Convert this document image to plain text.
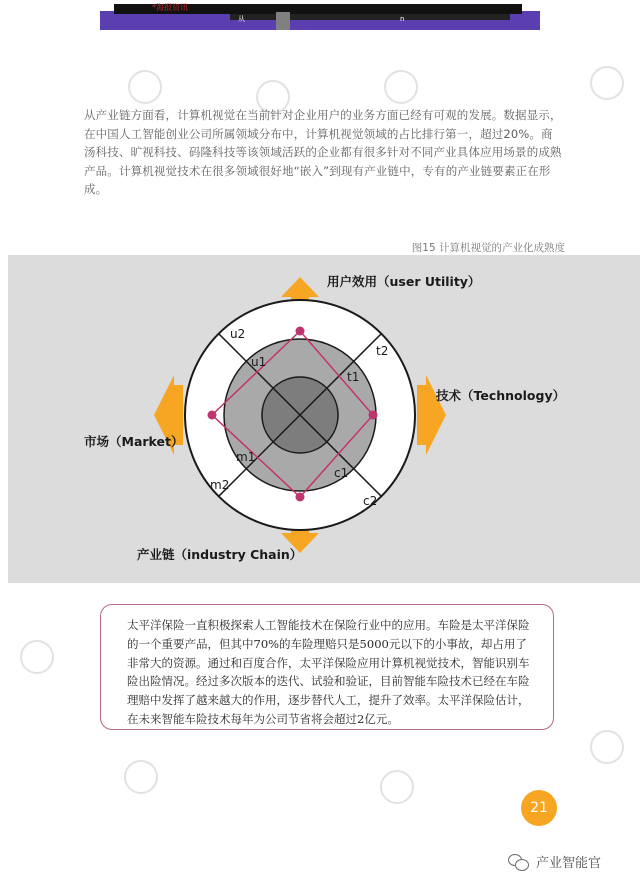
*海报资讯
从	n

从产业链方面看，计算机视觉在当前针对企业用户的业务方面已经有可观的发展。数据显示，在中国人工智能创业公司所属领域分布中，计算机视觉领域的占比排行第一，超过20%。商汤科技、旷视科技、码隆科技等该领域活跃的企业都有很多针对不同产业具体应用场景的成熟产品。计算机视觉技术在很多领域很好地“嵌入”到现有产业链中，专有的产业链要素正在形成。

图15 计算机视觉的产业化成熟度
用户效用（user Utility）
技术（Technology）
市场（Market）
产业链（industry Chain）
u2
u1
t2
t1
m1
m2
c1
c2

太平洋保险一直积极探索人工智能技术在保险行业中的应用。车险是太平洋保险的一个重要产品，但其中70%的车险理赔只是5000元以下的小事故，却占用了非常大的资源。通过和百度合作，太平洋保险应用计算机视觉技术，智能识别车险出险情况。经过多次版本的迭代、试验和验证，目前智能车险技术已经在车险理赔中发挥了越来越大的作用，逐步替代人工，提升了效率。太平洋保险估计，在未来智能车险技术每年为公司节省将会超过2亿元。

21
产业智能官
